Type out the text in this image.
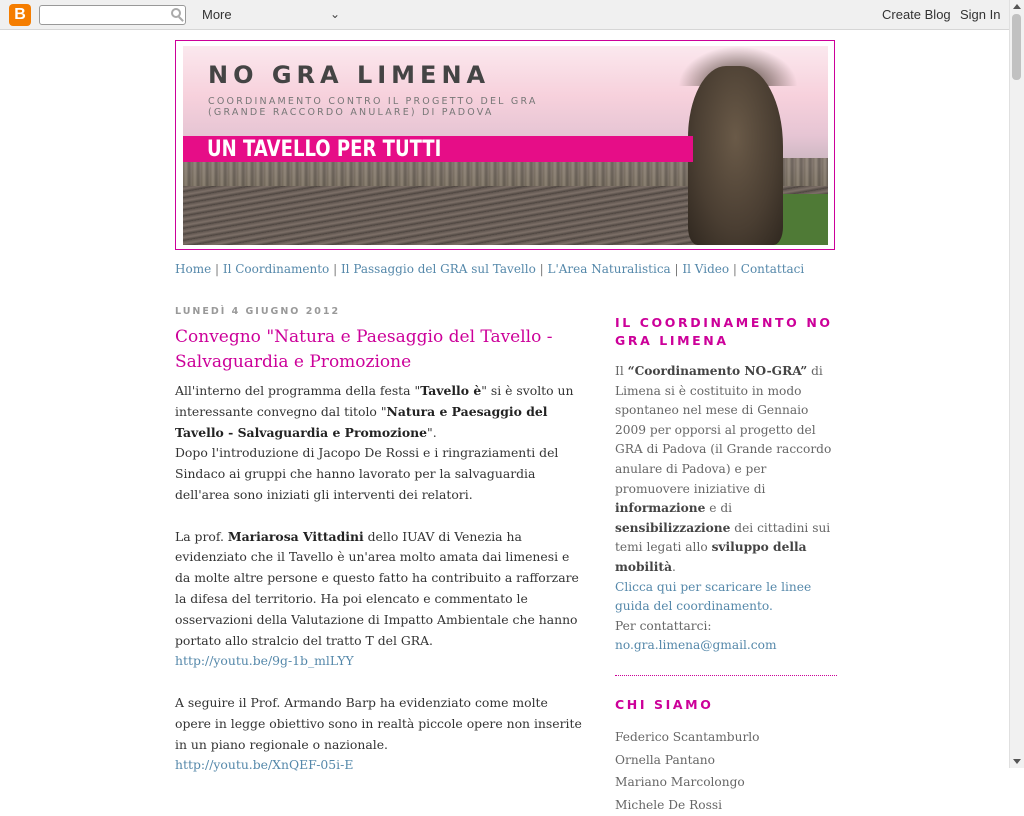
B	More	⌄	Create Blog Sign In
UN TAVELLO PER TUTTI
NO GRA LIMENA
COORDINAMENTO CONTRO IL PROGETTO DEL GRA
(GRANDE RACCORDO ANULARE) DI PADOVA
Home | Il Coordinamento | Il Passaggio del GRA sul Tavello | L'Area Naturalistica | Il Video | Contattaci
LUNEDÌ 4 GIUGNO 2012
Convegno "Natura e Paesaggio del Tavello - Salvaguardia e Promozione

All'interno del programma della festa "Tavello è" si è svolto un interessante convegno dal titolo "Natura e Paesaggio del Tavello - Salvaguardia e Promozione".

Dopo l'introduzione di Jacopo De Rossi e i ringraziamenti del Sindaco ai gruppi che hanno lavorato per la salvaguardia dell'area sono iniziati gli interventi dei relatori.

La prof. Mariarosa Vittadini dello IUAV di Venezia ha evidenziato che il Tavello è un'area molto amata dai limenesi e da molte altre persone e questo fatto ha contribuito a rafforzare la difesa del territorio. Ha poi elencato e commentato le osservazioni della Valutazione di Impatto Ambientale che hanno portato allo stralcio del tratto T del GRA.

http://youtu.be/9g-1b_mlLYY

A seguire il Prof. Armando Barp ha evidenziato come molte opere in legge obiettivo sono in realtà piccole opere non inserite in un piano regionale o nazionale.

http://youtu.be/XnQEF-05i-E

IL COORDINAMENTO NO GRA LIMENA
Il “Coordinamento NO-GRA” di Limena si è costituito in modo spontaneo nel mese di Gennaio 2009 per opporsi al progetto del GRA di Padova (il Grande raccordo anulare di Padova) e per promuovere iniziative di informazione e di sensibilizzazione dei cittadini sui temi legati allo sviluppo della mobilità.
Clicca qui per scaricare le linee guida del coordinamento.
Per contattarci:
no.gra.limena@gmail.com
CHI SIAMO
Federico Scantamburlo
Ornella Pantano
Mariano Marcolongo
Michele De Rossi
